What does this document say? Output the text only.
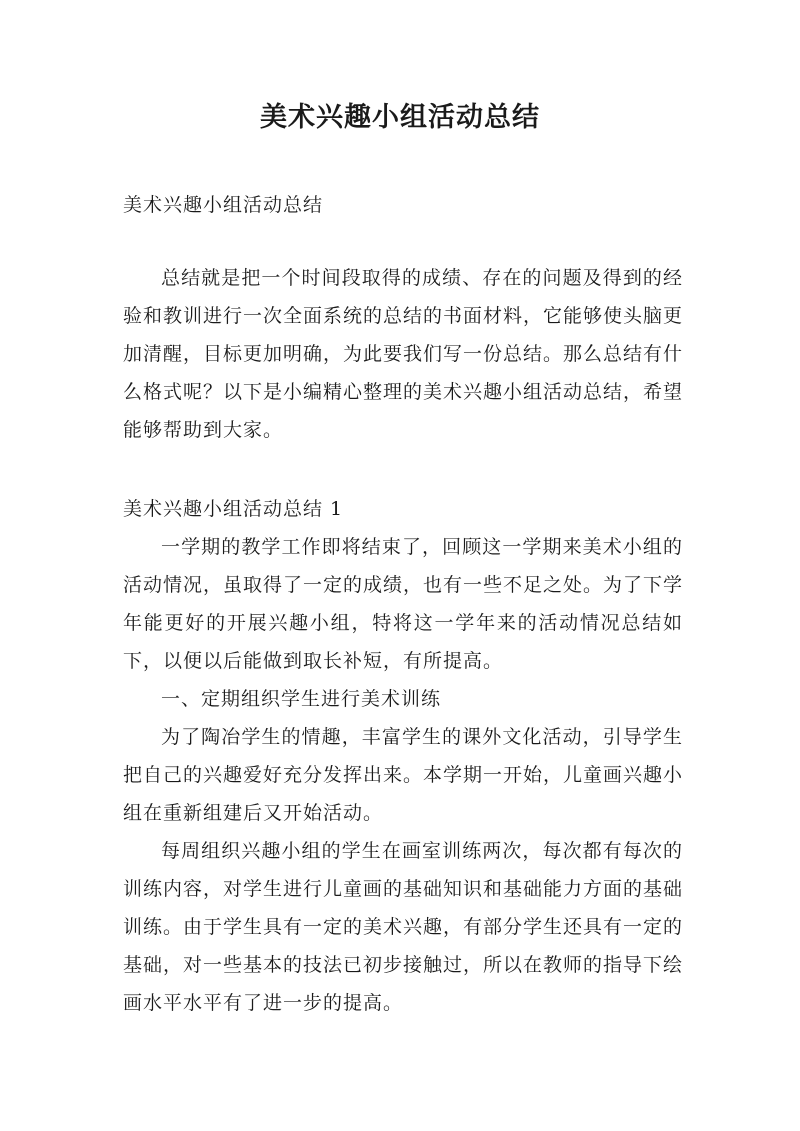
美术兴趣小组活动总结

美术兴趣小组活动总结

总结就是把一个时间段取得的成绩、存在的问题及得到的经验和教训进行一次全面系统的总结的书面材料，它能够使头脑更加清醒，目标更加明确，为此要我们写一份总结。那么总结有什么格式呢？以下是小编精心整理的美术兴趣小组活动总结，希望能够帮助到大家。

美术兴趣小组活动总结 1

一学期的教学工作即将结束了，回顾这一学期来美术小组的活动情况，虽取得了一定的成绩，也有一些不足之处。为了下学年能更好的开展兴趣小组，特将这一学年来的活动情况总结如下，以便以后能做到取长补短，有所提高。

一、定期组织学生进行美术训练

为了陶冶学生的情趣，丰富学生的课外文化活动，引导学生把自己的兴趣爱好充分发挥出来。本学期一开始，儿童画兴趣小组在重新组建后又开始活动。

每周组织兴趣小组的学生在画室训练两次，每次都有每次的训练内容，对学生进行儿童画的基础知识和基础能力方面的基础训练。由于学生具有一定的美术兴趣，有部分学生还具有一定的基础，对一些基本的技法已初步接触过，所以在教师的指导下绘画水平水平有了进一步的提高。
